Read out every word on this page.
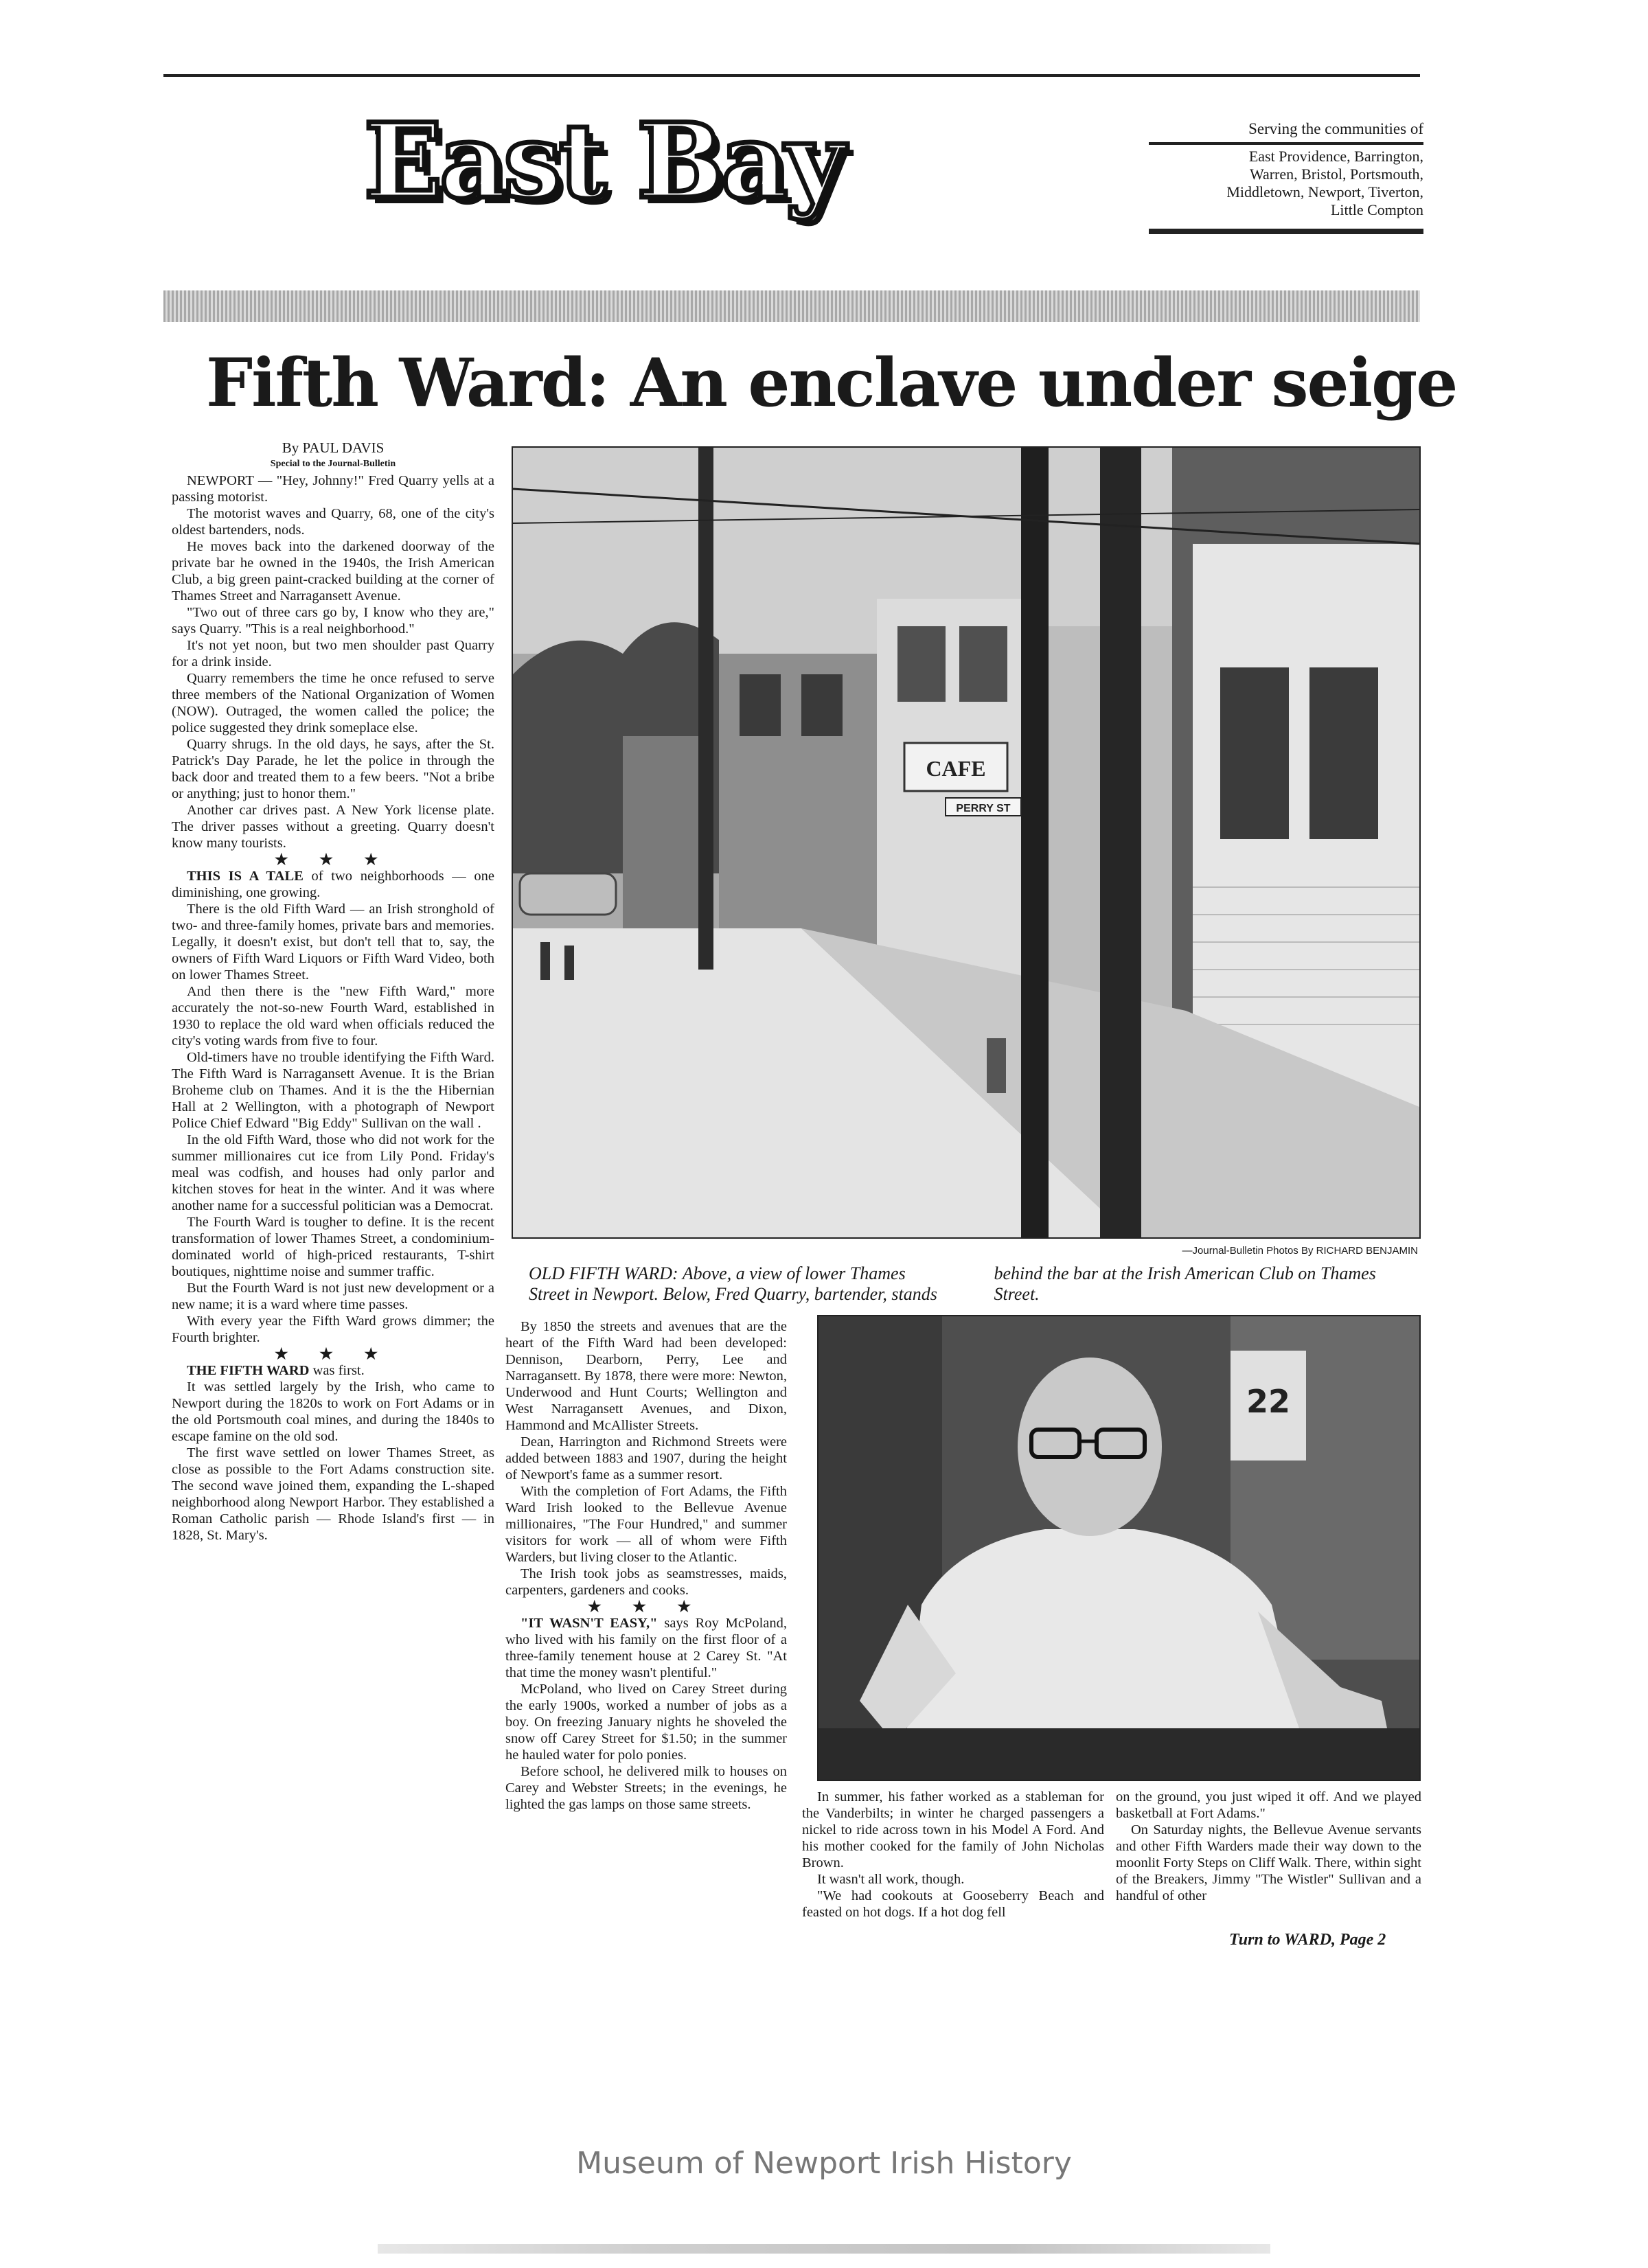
East Bay	Serving the communities of
East Providence, Barrington,
Warren, Bristol, Portsmouth,
Middletown, Newport, Tiverton,
Little Compton
Fifth Ward: An enclave under seige
By PAUL DAVIS
Special to the Journal-Bulletin

NEWPORT — "Hey, Johnny!" Fred Quarry yells at a passing motorist.

The motorist waves and Quarry, 68, one of the city's oldest bartenders, nods.

He moves back into the darkened doorway of the private bar he owned in the 1940s, the Irish American Club, a big green paint-cracked building at the corner of Thames Street and Narragansett Avenue.

"Two out of three cars go by, I know who they are," says Quarry. "This is a real neighborhood."

It's not yet noon, but two men shoulder past Quarry for a drink inside.

Quarry remembers the time he once refused to serve three members of the National Organization of Women (NOW). Outraged, the women called the police; the police suggested they drink someplace else.

Quarry shrugs. In the old days, he says, after the St. Patrick's Day Parade, he let the police in through the back door and treated them to a few beers. "Not a bribe or anything; just to honor them."

Another car drives past. A New York license plate. The driver passes without a greeting. Quarry doesn't know many tourists.

★ ★ ★

THIS IS A TALE of two neighborhoods — one diminishing, one growing.

There is the old Fifth Ward — an Irish stronghold of two- and three-family homes, private bars and memories. Legally, it doesn't exist, but don't tell that to, say, the owners of Fifth Ward Liquors or Fifth Ward Video, both on lower Thames Street.

And then there is the "new Fifth Ward," more accurately the not-so-new Fourth Ward, established in 1930 to replace the old ward when officials reduced the city's voting wards from five to four.

Old-timers have no trouble identifying the Fifth Ward. The Fifth Ward is Narragansett Avenue. It is the Brian Broheme club on Thames. And it is the the Hibernian Hall at 2 Wellington, with a photograph of Newport Police Chief Edward "Big Eddy" Sullivan on the wall .

In the old Fifth Ward, those who did not work for the summer millionaires cut ice from Lily Pond. Friday's meal was codfish, and houses had only parlor and kitchen stoves for heat in the winter. And it was where another name for a successful politician was a Democrat.

The Fourth Ward is tougher to define. It is the recent transformation of lower Thames Street, a condominium- dominated world of high-priced restaurants, T-shirt boutiques, nighttime noise and summer traffic.

But the Fourth Ward is not just new development or a new name; it is a ward where time passes.

With every year the Fifth Ward grows dimmer; the Fourth brighter.

★ ★ ★

THE FIFTH WARD was first.

It was settled largely by the Irish, who came to Newport during the 1820s to work on Fort Adams or in the old Portsmouth coal mines, and during the 1840s to escape famine on the old sod.

The first wave settled on lower Thames Street, as close as possible to the Fort Adams construction site. The second wave joined them, expanding the L-shaped neighborhood along Newport Harbor. They established a Roman Catholic parish — Rhode Island's first — in 1828, St. Mary's.

CAFE
PERRY ST
—Journal-Bulletin Photos By RICHARD BENJAMIN
OLD FIFTH WARD: Above, a view of lower Thames Street in Newport. Below, Fred Quarry, bartender, stands behind the bar at the Irish American Club on Thames Street.

By 1850 the streets and avenues that are the heart of the Fifth Ward had been developed: Dennison, Dearborn, Perry, Lee and Narragansett. By 1878, there were more: Newton, Underwood and Hunt Courts; Wellington and West Narragansett Avenues, and Dixon, Hammond and McAllister Streets.

Dean, Harrington and Richmond Streets were added between 1883 and 1907, during the height of Newport's fame as a summer resort.

With the completion of Fort Adams, the Fifth Ward Irish looked to the Bellevue Avenue millionaires, "The Four Hundred," and summer visitors for work — all of whom were Fifth Warders, but living closer to the Atlantic.

The Irish took jobs as seamstresses, maids, carpenters, gardeners and cooks.

★ ★ ★

"IT WASN'T EASY," says Roy McPoland, who lived with his family on the first floor of a three-family tenement house at 2 Carey St. "At that time the money wasn't plentiful."

McPoland, who lived on Carey Street during the early 1900s, worked a number of jobs as a boy. On freezing January nights he shoveled the snow off Carey Street for $1.50; in the summer he hauled water for polo ponies.

Before school, he delivered milk to houses on Carey and Webster Streets; in the evenings, he lighted the gas lamps on those same streets.

22

In summer, his father worked as a stableman for the Vanderbilts; in winter he charged passengers a nickel to ride across town in his Model A Ford. And his mother cooked for the family of John Nicholas Brown.

It wasn't all work, though.

"We had cookouts at Gooseberry Beach and feasted on hot dogs. If a hot dog fell

on the ground, you just wiped it off. And we played basketball at Fort Adams."

On Saturday nights, the Bellevue Avenue servants and other Fifth Warders made their way down to the moonlit Forty Steps on Cliff Walk. There, within sight of the Breakers, Jimmy "The Wistler" Sullivan and a handful of other

Turn to WARD, Page 2
Museum of Newport Irish History
